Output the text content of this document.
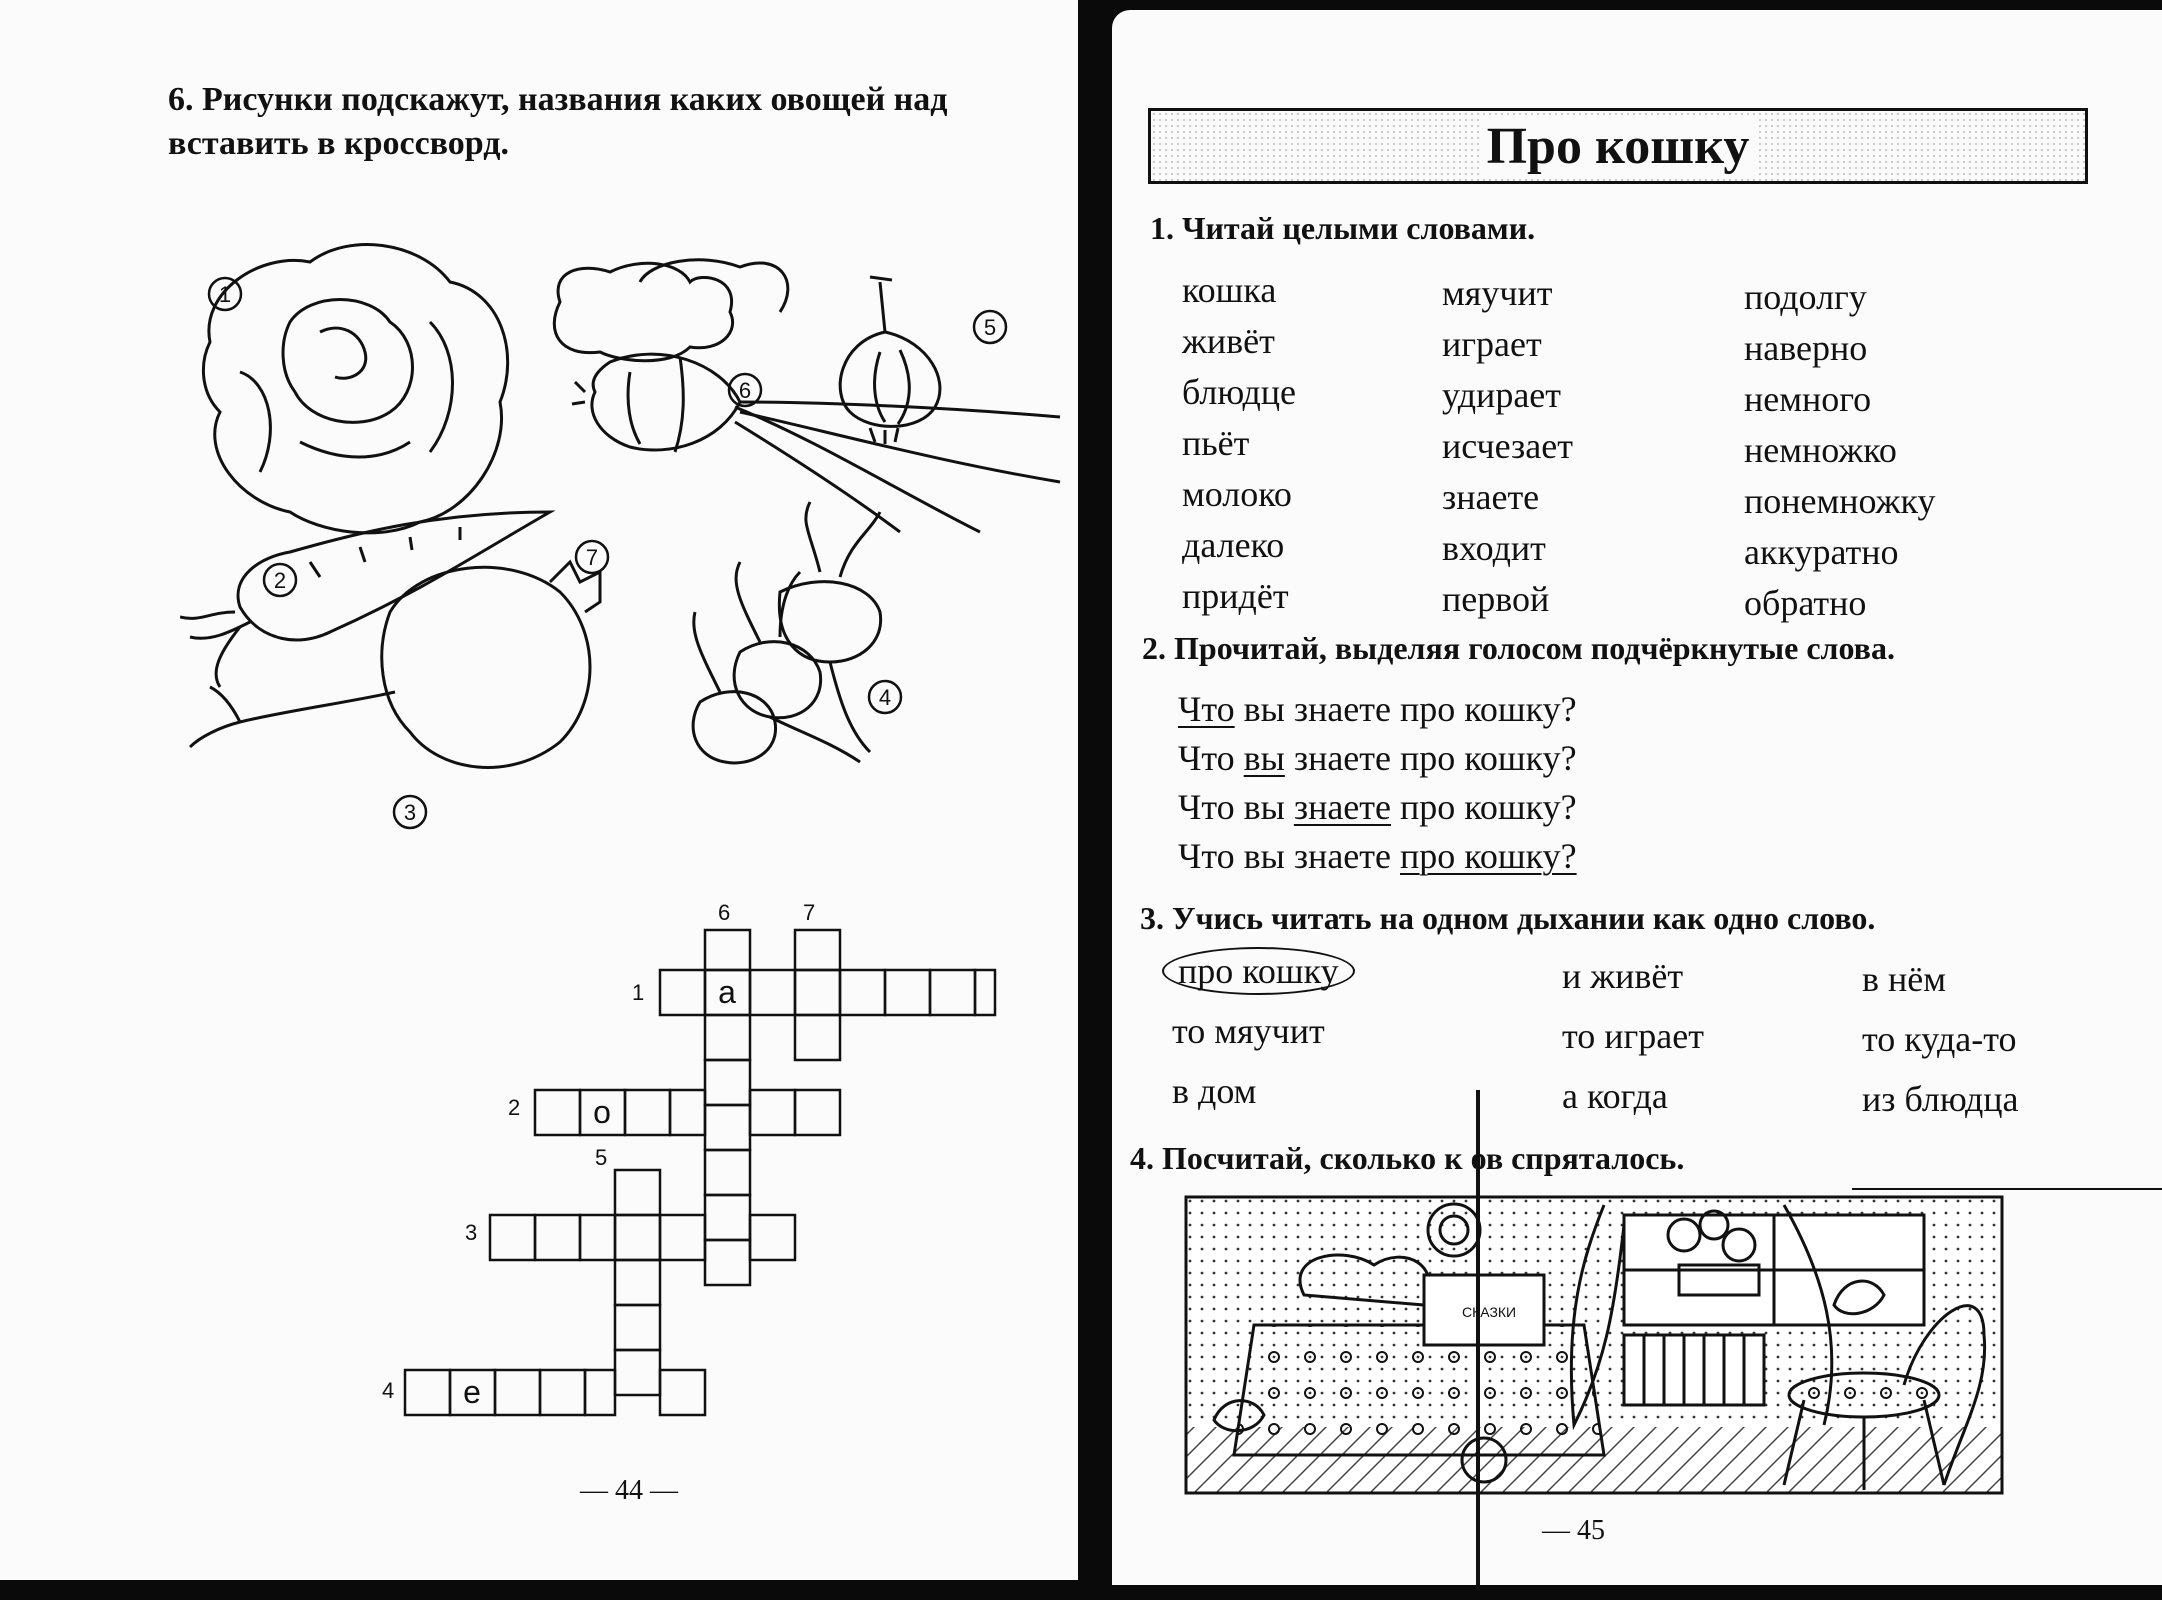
6. Рисунки подскажут, названия каких овощей над
вставить в кроссворд.
1
2
3
4
5
6
7
1
2
3
4
5
6	7
а
о
е
— 44 —
Про кошку
1. Читай целыми словами.
кошка
живёт
блюдце
пьёт
молоко
далеко
придёт
мяучит
играет
удирает
исчезает
знаете
входит
первой
подолгу
наверно
немного
немножко
понемножку
аккуратно
обратно
2. Прочитай, выделяя голосом подчёркнутые слова.
Что вы знаете про кошку?
Что вы знаете про кошку?
Что вы знаете про кошку?
Что вы знаете про кошку?
3. Учись читать на одном дыхании как одно слово.
про кошку	и живёт	в нём
то мяучит	то играет	то куда-то
в дом	а когда	из блюдца
4. Посчитай, сколько к ов спряталось.
СКАЗКИ
— 45
